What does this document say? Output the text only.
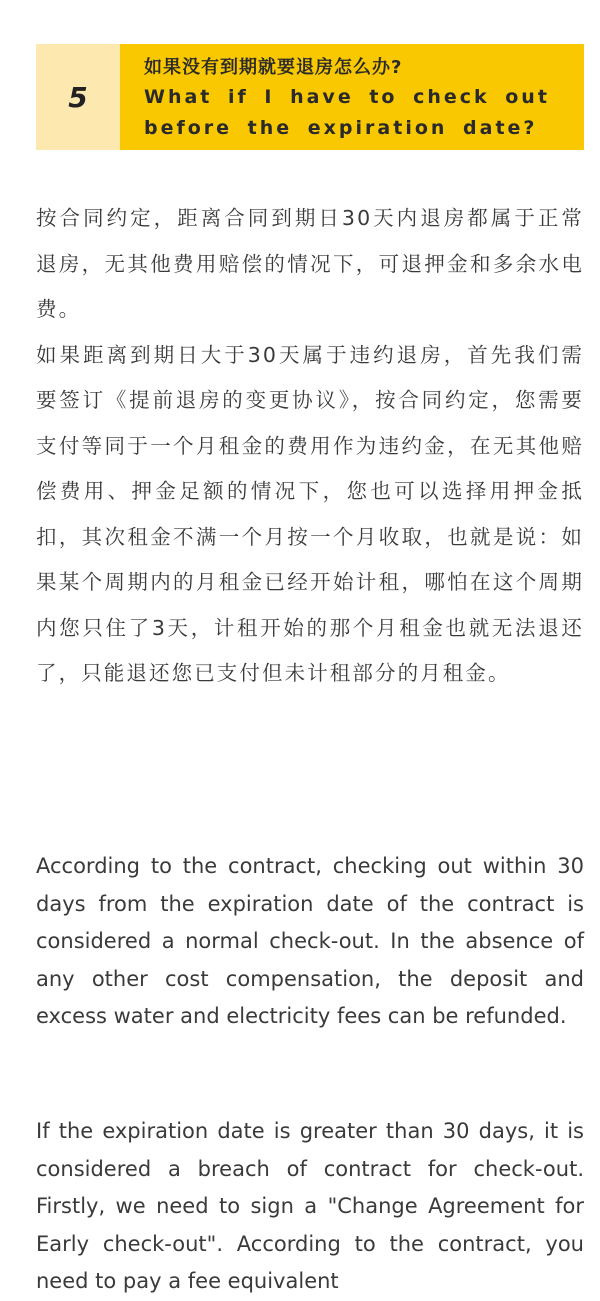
5
如果没有到期就要退房怎么办?
What if I have to check out
before the expiration date?

按合同约定，距离合同到期日30天内退房都属于正常退房，无其他费用赔偿的情况下，可退押金和多余水电费。

如果距离到期日大于30天属于违约退房，首先我们需要签订《提前退房的变更协议》，按合同约定，您需要支付等同于一个月租金的费用作为违约金，在无其他赔偿费用、押金足额的情况下，您也可以选择用押金抵扣，其次租金不满一个月按一个月收取，也就是说：如果某个周期内的月租金已经开始计租，哪怕在这个周期内您只住了3天，计租开始的那个月租金也就无法退还了，只能退还您已支付但未计租部分的月租金。

According to the contract, checking out within 30 days from the expiration date of the contract is considered a normal check-out. In the absence of any other cost compensation, the deposit and excess water and electricity fees can be refunded.

If the expiration date is greater than 30 days, it is considered a breach of contract for check-out. Firstly, we need to sign a "Change Agreement for Early check-out". According to the contract, you need to pay a fee equivalent
